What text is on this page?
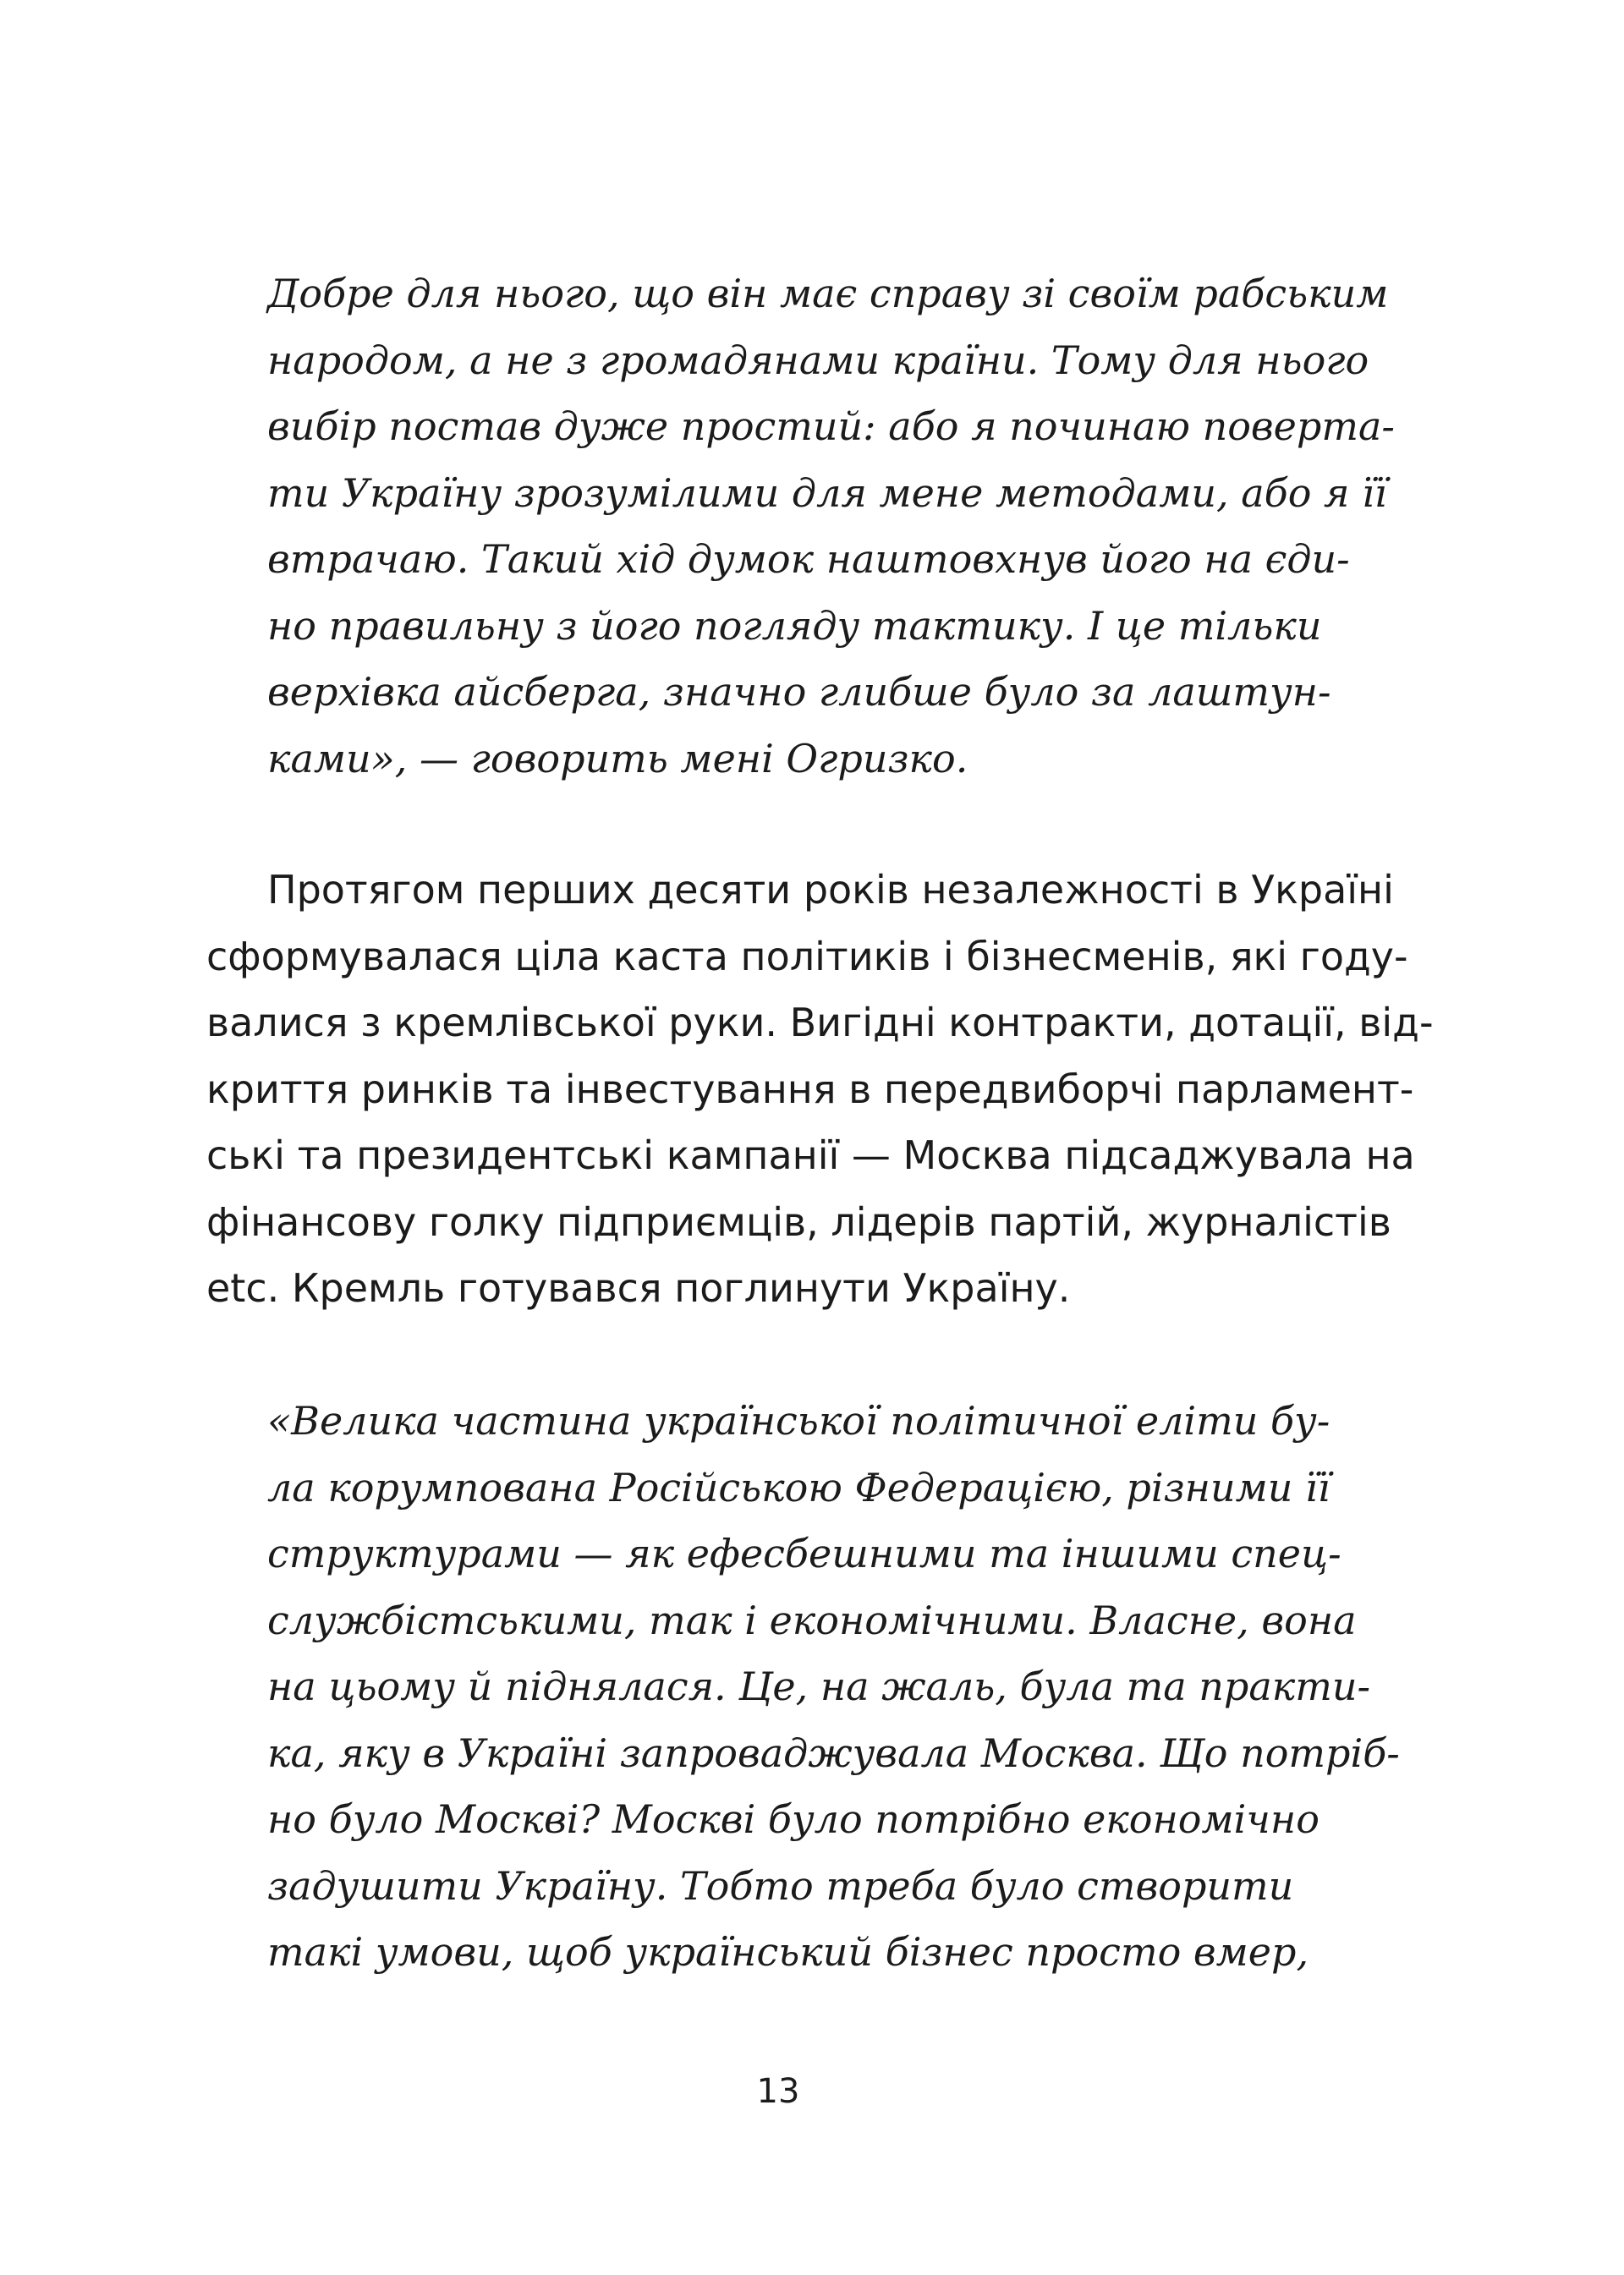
Добре для нього, що він має справу зі своїм рабським
народом, а не з громадянами країни. Тому для нього
вибір постав дуже простий: або я починаю поверта-
ти Україну зрозумілими для мене методами, або я її
втрачаю. Такий хід думок наштовхнув його на єди-
но правильну з його погляду тактику. І це тільки
верхівка айсберга, значно глибше було за лаштун-
ками», — говорить мені Огризко.
Протягом перших десяти років незалежності в Україні
сформувалася ціла каста політиків і бізнесменів, які году-
валися з кремлівської руки. Вигідні контракти, дотації, від-
криття ринків та інвестування в передвиборчі парламент-
ські та президентські кампанії — Москва підсаджувала на
фінансову голку підприємців, лідерів партій, журналістів
etc. Кремль готувався поглинути Україну.
«Велика частина української політичної еліти бу-
ла корумпована Російською Федерацією, різними її
структурами — як ефесбешними та іншими спец-
службістськими, так і економічними. Власне, вона
на цьому й піднялася. Це, на жаль, була та практи-
ка, яку в Україні запроваджувала Москва. Що потріб-
но було Москві? Москві було потрібно економічно
задушити Україну. Тобто треба було створити
такі умови, щоб український бізнес просто вмер,
13
